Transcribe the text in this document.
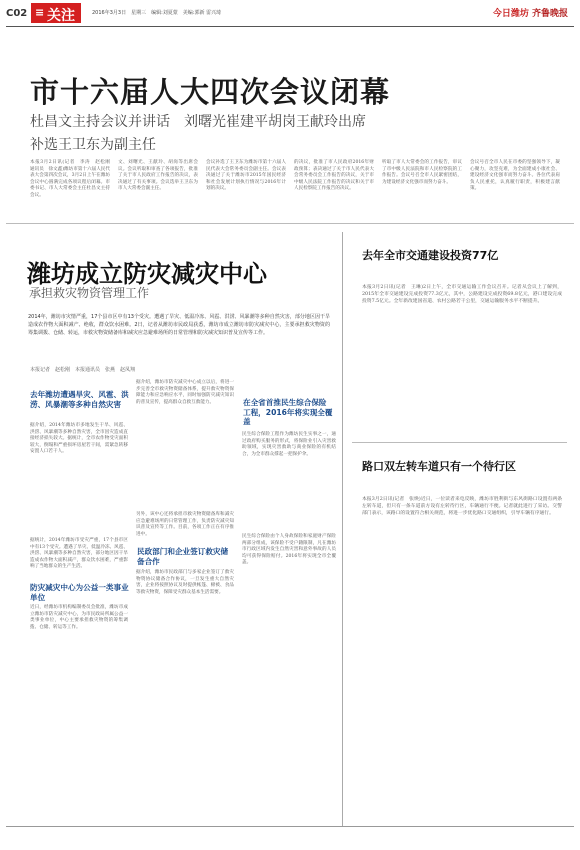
C02 ≡ 关注	2016年3月3日　星期三　编辑:刘夏蒙　美编:郭新 雷兴琦	今日潍坊 齐鲁晚报
市十六届人大四次会议闭幕
杜昌文主持会议并讲话　刘曙光崔建平胡岗王献玲出席
补选王卫东为副主任
本报3月2日讯(记者　李涛　赵松刚　通讯员　徐文鑫)潍坊市第十六届人民代表大会第四次会议，3月2日上午在潍坊会议中心圆满完成各项议程后闭幕。市委书记、市人大常委会主任杜昌文主持会议。
文、刘曙光、王献玲、胡岗等出席会议。会议听取和审查了各项报告，批准了关于市人民政府工作报告的决议，表决通过了有关事项。会议选举王卫东为市人大常委会副主任。
会议补选了王卫东为潍坊市第十六届人民代表大会常务委员会副主任。会议表决通过了关于潍坊市2015年国民经济和社会发展计划执行情况与2016年计划的决议。
的决议，批准了市人民政府2016年财政预算；表决通过了关于市人民代表大会常务委员会工作报告的决议，关于市中级人民法院工作报告的决议和关于市人民检察院工作报告的决议。
听取了市人大常委会的工作报告，审议了市中级人民法院和市人民检察院的工作报告。会议号召全市人民紧密团结，为建设经济文化强市而努力奋斗。
会议号召全市人民在市委的坚强领导下，凝心聚力，攻坚克难，为全面建成小康社会、建设经济文化强市而努力奋斗。各位代表肩负人民重托，认真履行职责，积极建言献策。
潍坊成立防灾减灾中心
承担救灾物资管理工作
2014年，潍坊市灾情严重，17个县市区中有13个受灾。遭遇了旱灾、低温冷冻、风雹、洪涝、风暴潮等多种自然灾害，部分地区因干旱造成农作物大面积减产、绝收，群众饮水困难。2日，记者从潍坊市民政局获悉，潍坊市成立潍坊市防灾减灾中心，主要承担救灾物资的筹集调拨、仓储、转运，市救灾物资储备库和减灾应急避难场所的日常管理和防灾减灾知识普及宣传等工作。
本报记者　赵松刚　本报通讯员　张燕　赵凤翔
去年潍坊遭遇旱灾、风雹、洪涝、风暴潮等多种自然灾害
据介绍，2014年潍坊市多地发生干旱、风雹、洪涝、风暴潮等多种自然灾害，全市因灾造成直接经济损失较大。据统计，全市农作物受灾面积较大，倒塌和严重损坏房屋若干间，需紧急转移安置人口若干人。
据统计，2014年潍坊市受灾严重，17个县市区中有13个受灾。遭遇了旱灾、低温冷冻、风雹、洪涝、风暴潮等多种自然灾害，部分地区因干旱造成农作物大面积减产，群众饮水困难，严重影响了当地群众的生产生活。
防灾减灾中心为公益一类事业单位
近日，经潍坊市机构编制委员会批准，潍坊市成立潍坊市防灾减灾中心，为市民政局所属公益一类事业单位，中心主要承担救灾物资的筹集调拨、仓储、转运等工作。
据介绍，潍坊市防灾减灾中心成立以后，将进一步完善全市救灾物资储备体系，提升救灾物资保障能力和应急响应水平，同时加强防灾减灾知识的普及宣传，提高群众自救互救能力。
另外，该中心还将承担市救灾物资储备库和减灾应急避难场所的日常管理工作，负责防灾减灾知识普及宣传等工作。目前，各项工作正在有序推进中。
民政部门和企业签订救灾储备合作
据介绍，潍坊市民政部门与多家企业签订了救灾物资协议储备合作协议，一旦发生重大自然灾害，企业将按照协议及时提供帐篷、棉被、食品等救灾物资，保障受灾群众基本生活需要。
在全省首推民生综合保险工程，2016年将实现全覆盖
民生综合保险工程作为潍坊民生实事之一，通过政府购买服务的形式，将保险业引入灾害救助领域，实现灾害救助与商业保险的有机结合，为全市群众撑起一把保护伞。
民生综合保险由个人身故保险和家庭财产保险两部分组成，该保险不受户籍限制，凡在潍坊市行政区域内发生自然灾害和意外事故的人员均可获得保险赔付。2016年将实现全市全覆盖。
去年全市交通建设投资77亿
本报3月2日讯(记者　王琳)2日上午，全市交通运输工作会议召开。记者从会议上了解到，2015年全市交通建设完成投资77.3亿元，其中，公路建设完成投资69.8亿元，港口建设完成投资7.5亿元。全年新改建国省道、农村公路若干公里，交通运输服务水平不断提升。
路口双左转车道只有一个待行区
本报3月2日讯(记者　张焕)近日，一位读者来电反映，潍坊市胜利街与东风街路口设置有两条左转车道，但只有一条车道前方设有左转待行区，车辆通行不便。记者就此进行了采访。交警部门表示，该路口的设置符合相关规范，将进一步优化路口交通组织，引导车辆有序通行。
